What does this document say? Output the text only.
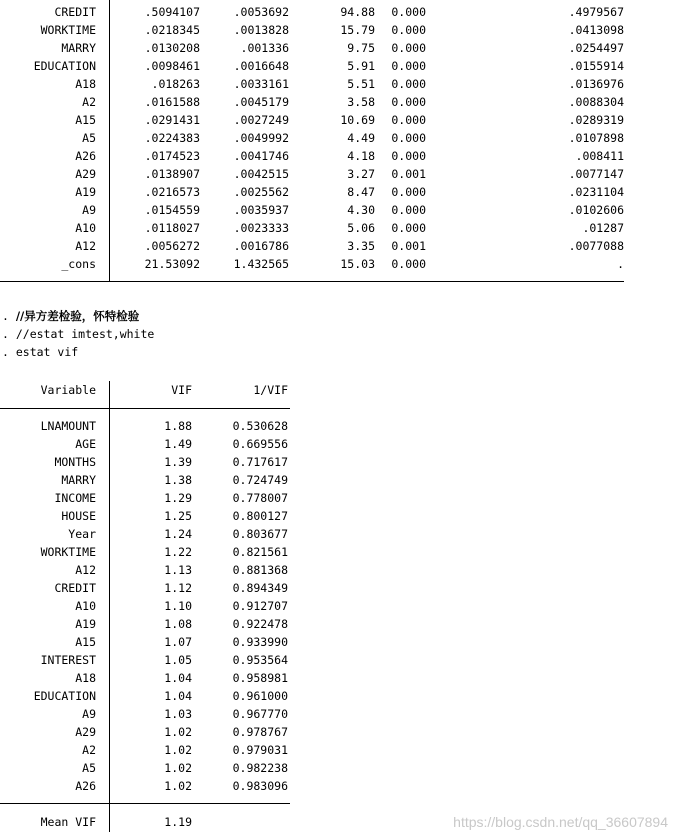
CREDIT	.5094107	.0053692	94.88 0.000	.4979567
WORKTIME	.0218345	.0013828	15.79 0.000	.0413098
MARRY	.0130208	.001336	9.75 0.000	.0254497
EDUCATION	.0098461	.0016648	5.91 0.000	.0155914
A18	.018263	.0033161	5.51 0.000	.0136976
A2	.0161588	.0045179	3.58 0.000	.0088304
A15	.0291431	.0027249	10.69 0.000	.0289319
A5	.0224383	.0049992	4.49 0.000	.0107898
A26	.0174523	.0041746	4.18 0.000	.008411
A29	.0138907	.0042515	3.27 0.001	.0077147
A19	.0216573	.0025562	8.47 0.000	.0231104
A9	.0154559	.0035937	4.30 0.000	.0102606
A10	.0118027	.0023333	5.06 0.000	.01287
A12	.0056272	.0016786	3.35 0.001	.0077088
_cons	21.53092	1.432565	15.03 0.000	.
. //异方差检验，怀特检验
. //estat imtest,white
. estat vif
Variable	VIF	1/VIF
LNAMOUNT	1.88	0.530628
AGE	1.49	0.669556
MONTHS	1.39	0.717617
MARRY	1.38	0.724749
INCOME	1.29	0.778007
HOUSE	1.25	0.800127
Year	1.24	0.803677
WORKTIME	1.22	0.821561
A12	1.13	0.881368
CREDIT	1.12	0.894349
A10	1.10	0.912707
A19	1.08	0.922478
A15	1.07	0.933990
INTEREST	1.05	0.953564
A18	1.04	0.958981
EDUCATION	1.04	0.961000
A9	1.03	0.967770
A29	1.02	0.978767
A2	1.02	0.979031
A5	1.02	0.982238
A26	1.02	0.983096
Mean VIF	1.19	https://blog.csdn.net/qq_36607894
